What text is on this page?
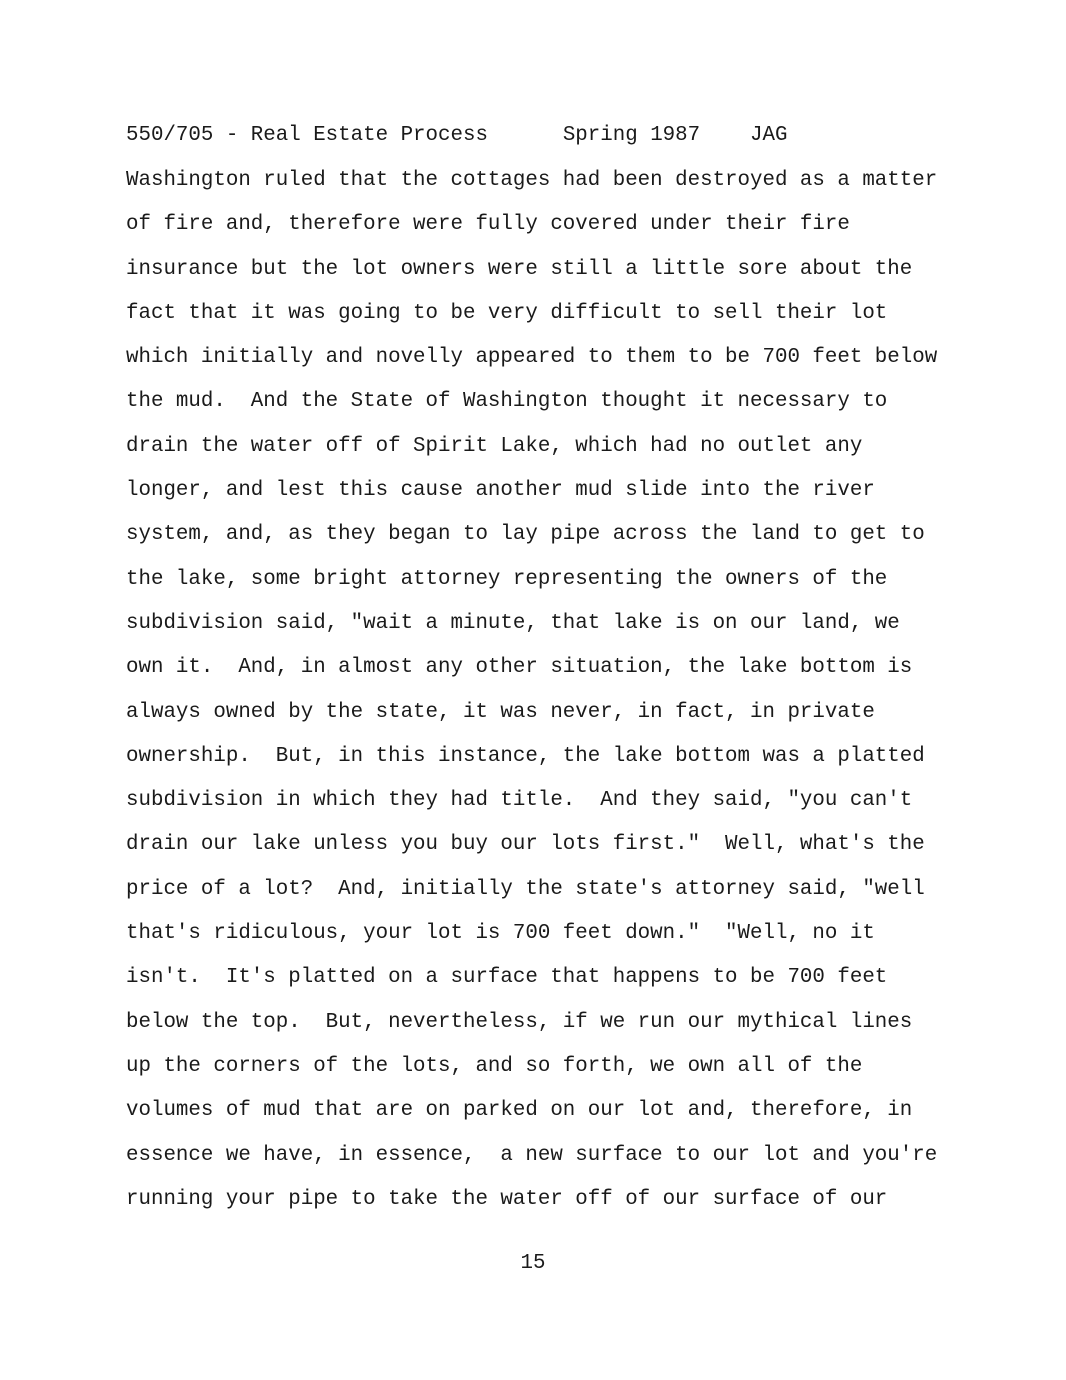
550/705 - Real Estate Process	Spring 1987 JAG
Washington ruled that the cottages had been destroyed as a matter
of fire and, therefore were fully covered under their fire
insurance but the lot owners were still a little sore about the
fact that it was going to be very difficult to sell their lot
which initially and novelly appeared to them to be 700 feet below
the mud.  And the State of Washington thought it necessary to
drain the water off of Spirit Lake, which had no outlet any
longer, and lest this cause another mud slide into the river
system, and, as they began to lay pipe across the land to get to
the lake, some bright attorney representing the owners of the
subdivision said, "wait a minute, that lake is on our land, we
own it.  And, in almost any other situation, the lake bottom is
always owned by the state, it was never, in fact, in private
ownership.  But, in this instance, the lake bottom was a platted
subdivision in which they had title.  And they said, "you can't
drain our lake unless you buy our lots first."  Well, what's the
price of a lot?  And, initially the state's attorney said, "well
that's ridiculous, your lot is 700 feet down."  "Well, no it
isn't.  It's platted on a surface that happens to be 700 feet
below the top.  But, nevertheless, if we run our mythical lines
up the corners of the lots, and so forth, we own all of the
volumes of mud that are on parked on our lot and, therefore, in
essence we have, in essence,  a new surface to our lot and you're
running your pipe to take the water off of our surface of our
15
